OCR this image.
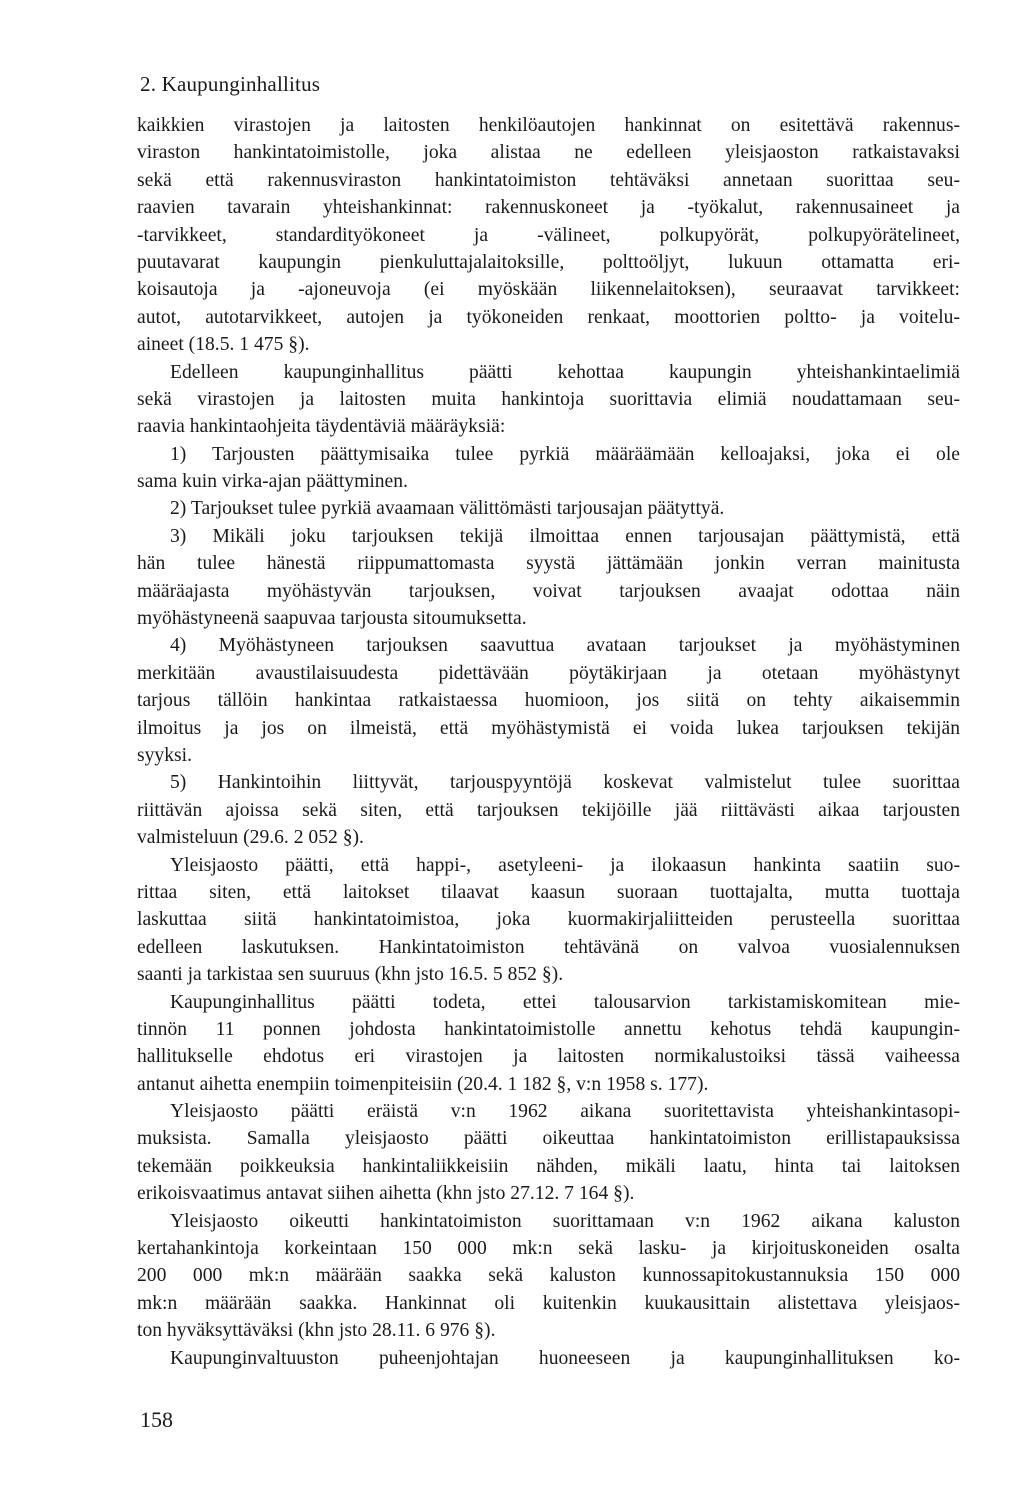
2. Kaupunginhallitus
kaikkien virastojen ja laitosten henkilöautojen hankinnat on esitettävä rakennus-
viraston hankintatoimistolle, joka alistaa ne edelleen yleisjaoston ratkaistavaksi
sekä että rakennusviraston hankintatoimiston tehtäväksi annetaan suorittaa seu-
raavien tavarain yhteishankinnat: rakennuskoneet ja -työkalut, rakennusaineet ja
-tarvikkeet, standardityökoneet ja -välineet, polkupyörät, polkupyörätelineet,
puutavarat kaupungin pienkuluttajalaitoksille, polttoöljyt, lukuun ottamatta eri-
koisautoja ja -ajoneuvoja (ei myöskään liikennelaitoksen), seuraavat tarvikkeet:
autot, autotarvikkeet, autojen ja työkoneiden renkaat, moottorien poltto- ja voitelu-
aineet (18.5. 1 475 §).
Edelleen kaupunginhallitus päätti kehottaa kaupungin yhteishankintaelimiä
sekä virastojen ja laitosten muita hankintoja suorittavia elimiä noudattamaan seu-
raavia hankintaohjeita täydentäviä määräyksiä:
1) Tarjousten päättymisaika tulee pyrkiä määräämään kelloajaksi, joka ei ole
sama kuin virka-ajan päättyminen.
2) Tarjoukset tulee pyrkiä avaamaan välittömästi tarjousajan päätyttyä.
3) Mikäli joku tarjouksen tekijä ilmoittaa ennen tarjousajan päättymistä, että
hän tulee hänestä riippumattomasta syystä jättämään jonkin verran mainitusta
määräajasta myöhästyvän tarjouksen, voivat tarjouksen avaajat odottaa näin
myöhästyneenä saapuvaa tarjousta sitoumuksetta.
4) Myöhästyneen tarjouksen saavuttua avataan tarjoukset ja myöhästyminen
merkitään avaustilaisuudesta pidettävään pöytäkirjaan ja otetaan myöhästynyt
tarjous tällöin hankintaa ratkaistaessa huomioon, jos siitä on tehty aikaisemmin
ilmoitus ja jos on ilmeistä, että myöhästymistä ei voida lukea tarjouksen tekijän
syyksi.
5) Hankintoihin liittyvät, tarjouspyyntöjä koskevat valmistelut tulee suorittaa
riittävän ajoissa sekä siten, että tarjouksen tekijöille jää riittävästi aikaa tarjousten
valmisteluun (29.6. 2 052 §).
Yleisjaosto päätti, että happi-, asetyleeni- ja ilokaasun hankinta saatiin suo-
rittaa siten, että laitokset tilaavat kaasun suoraan tuottajalta, mutta tuottaja
laskuttaa siitä hankintatoimistoa, joka kuormakirjaliitteiden perusteella suorittaa
edelleen laskutuksen. Hankintatoimiston tehtävänä on valvoa vuosialennuksen
saanti ja tarkistaa sen suuruus (khn jsto 16.5. 5 852 §).
Kaupunginhallitus päätti todeta, ettei talousarvion tarkistamiskomitean mie-
tinnön 11 ponnen johdosta hankintatoimistolle annettu kehotus tehdä kaupungin-
hallitukselle ehdotus eri virastojen ja laitosten normikalustoiksi tässä vaiheessa
antanut aihetta enempiin toimenpiteisiin (20.4. 1 182 §, v:n 1958 s. 177).
Yleisjaosto päätti eräistä v:n 1962 aikana suoritettavista yhteishankintasopi-
muksista. Samalla yleisjaosto päätti oikeuttaa hankintatoimiston erillistapauksissa
tekemään poikkeuksia hankintaliikkeisiin nähden, mikäli laatu, hinta tai laitoksen
erikoisvaatimus antavat siihen aihetta (khn jsto 27.12. 7 164 §).
Yleisjaosto oikeutti hankintatoimiston suorittamaan v:n 1962 aikana kaluston
kertahankintoja korkeintaan 150 000 mk:n sekä lasku- ja kirjoituskoneiden osalta
200 000 mk:n määrään saakka sekä kaluston kunnossapitokustannuksia 150 000
mk:n määrään saakka. Hankinnat oli kuitenkin kuukausittain alistettava yleisjaos-
ton hyväksyttäväksi (khn jsto 28.11. 6 976 §).
Kaupunginvaltuuston puheenjohtajan huoneeseen ja kaupunginhallituksen ko-
158
